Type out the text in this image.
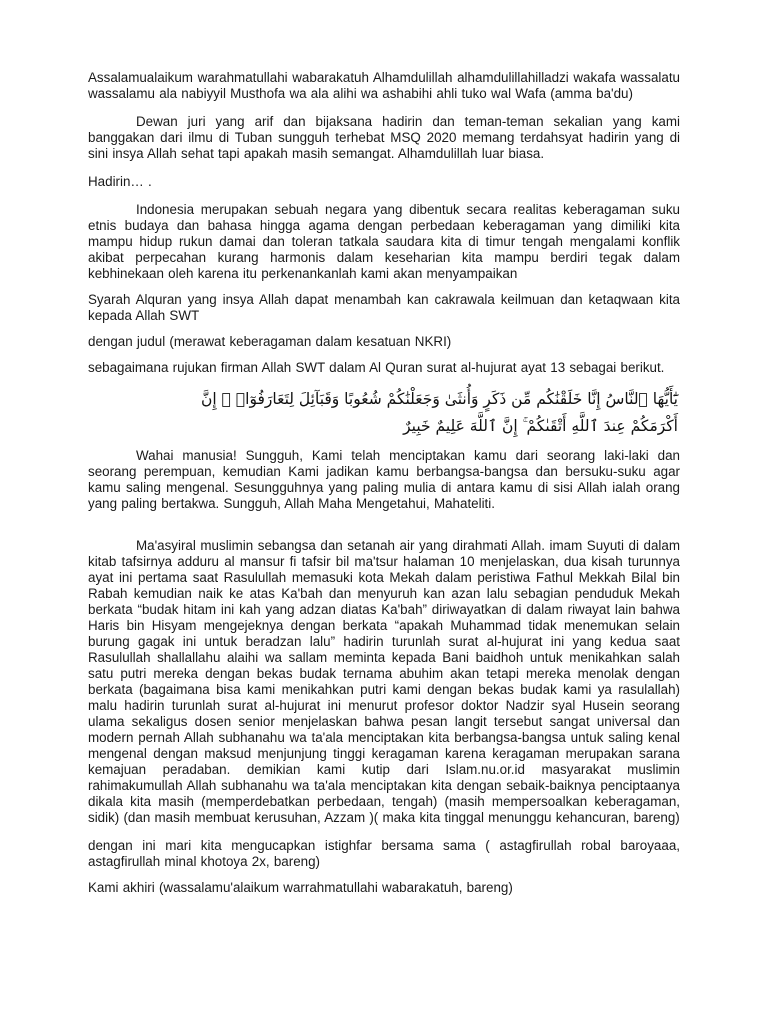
Assalamualaikum warahmatullahi wabarakatuh Alhamdulillah alhamdulillahilladzi wakafa wassalatu wassalamu ala nabiyyil Musthofa wa ala alihi wa ashabihi ahli tuko wal Wafa (amma ba'du)

Dewan juri yang arif dan bijaksana hadirin dan teman-teman sekalian yang kami banggakan dari ilmu di Tuban sungguh terhebat MSQ 2020 memang terdahsyat hadirin yang di sini insya Allah sehat tapi apakah masih semangat. Alhamdulillah luar biasa.

Hadirin… .

Indonesia merupakan sebuah negara yang dibentuk secara realitas keberagaman suku etnis budaya dan bahasa hingga agama dengan perbedaan keberagaman yang dimiliki kita mampu hidup rukun damai dan toleran tatkala saudara kita di timur tengah mengalami konflik akibat perpecahan kurang harmonis dalam keseharian kita mampu berdiri tegak dalam kebhinekaan oleh karena itu perkenankanlah kami akan menyampaikan

Syarah Alquran yang insya Allah dapat menambah kan cakrawala keilmuan dan ketaqwaan kita kepada Allah SWT

dengan judul (merawat keberagaman dalam kesatuan NKRI)

sebagaimana rujukan firman Allah SWT dalam Al Quran surat al-hujurat ayat 13 sebagai berikut.

يَٰٓأَيُّهَا ٱلنَّاسُ إِنَّا خَلَقْنَٰكُم مِّن ذَكَرٍ وَأُنثَىٰ وَجَعَلْنَٰكُمْ شُعُوبًا وَقَبَآئِلَ لِتَعَارَفُوٓا۟ ۚ إِنَّ
أَكْرَمَكُمْ عِندَ ٱللَّهِ أَتْقَىٰكُمْ ۚ إِنَّ ٱللَّهَ عَلِيمٌ خَبِيرٌ

Wahai manusia! Sungguh, Kami telah menciptakan kamu dari seorang laki-laki dan seorang perempuan, kemudian Kami jadikan kamu berbangsa-bangsa dan bersuku-suku agar kamu saling mengenal. Sesungguhnya yang paling mulia di antara kamu di sisi Allah ialah orang yang paling bertakwa. Sungguh, Allah Maha Mengetahui, Mahateliti.

Ma'asyiral muslimin sebangsa dan setanah air yang dirahmati Allah. imam Suyuti di dalam kitab tafsirnya adduru al mansur fi tafsir bil ma'tsur halaman 10 menjelaskan, dua kisah turunnya ayat ini pertama saat Rasulullah memasuki kota Mekah dalam peristiwa Fathul Mekkah Bilal bin Rabah kemudian naik ke atas Ka'bah dan menyuruh kan azan lalu sebagian penduduk Mekah berkata “budak hitam ini kah yang adzan diatas Ka'bah” diriwayatkan di dalam riwayat lain bahwa Haris bin Hisyam mengejeknya dengan berkata “apakah Muhammad tidak menemukan selain burung gagak ini untuk beradzan lalu” hadirin turunlah surat al-hujurat ini yang kedua saat Rasulullah shallallahu alaihi wa sallam meminta kepada Bani baidhoh untuk menikahkan salah satu putri mereka dengan bekas budak ternama abuhim akan tetapi mereka menolak dengan berkata (bagaimana bisa kami menikahkan putri kami dengan bekas budak kami ya rasulallah) malu hadirin turunlah surat al-hujurat ini menurut profesor doktor Nadzir syal Husein seorang ulama sekaligus dosen senior menjelaskan bahwa pesan langit tersebut sangat universal dan modern pernah Allah subhanahu wa ta'ala menciptakan kita berbangsa-bangsa untuk saling kenal mengenal dengan maksud menjunjung tinggi keragaman karena keragaman merupakan sarana kemajuan peradaban. demikian kami kutip dari Islam.nu.or.id masyarakat muslimin rahimakumullah Allah subhanahu wa ta'ala menciptakan kita dengan sebaik-baiknya penciptaanya dikala kita masih (memperdebatkan perbedaan, tengah) (masih mempersoalkan keberagaman, sidik) (dan masih membuat kerusuhan, Azzam )( maka kita tinggal menunggu kehancuran, bareng)

dengan ini mari kita mengucapkan istighfar bersama sama ( astagfirullah robal baroyaaa, astagfirullah minal khotoya 2x, bareng)

Kami akhiri (wassalamu'alaikum warrahmatullahi wabarakatuh, bareng)
